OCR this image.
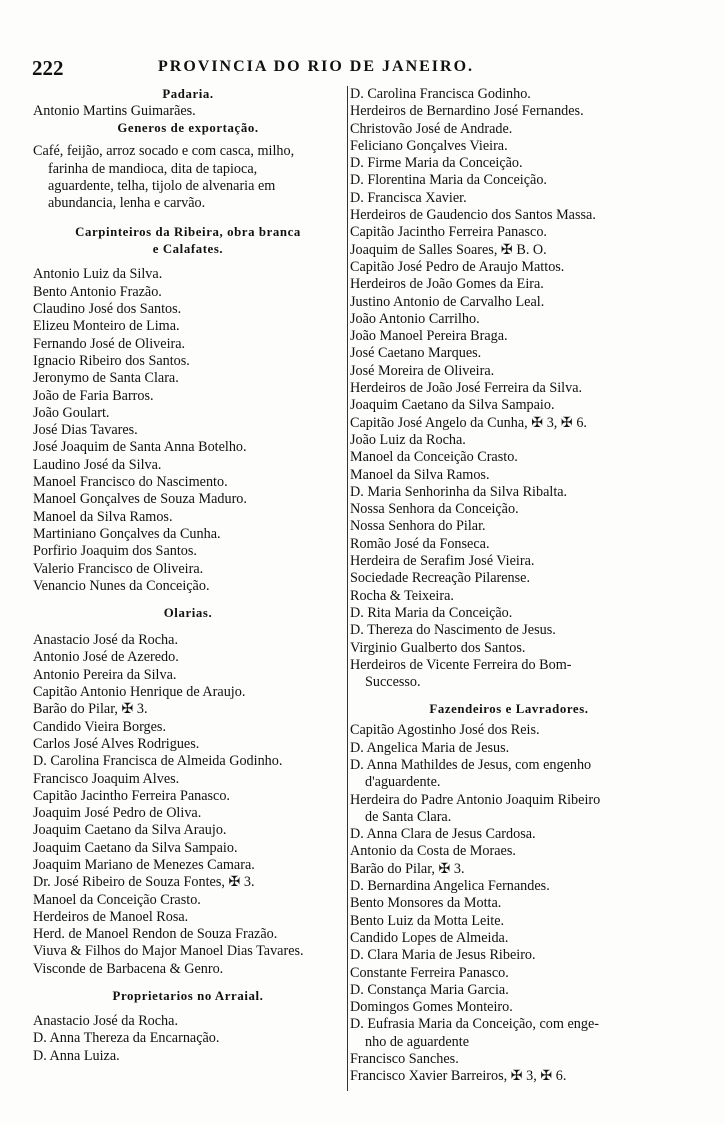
222	PROVINCIA DO RIO DE JANEIRO.
Padaria.
Antonio Martins Guimarães.
Generos de exportação.
Café, feijão, arroz socado e com casca, milho,
farinha de mandioca, dita de tapioca,
aguardente, telha, tijolo de alvenaria em
abundancia, lenha e carvão.
Carpinteiros da Ribeira, obra branca
e Calafates.
Antonio Luiz da Silva.
Bento Antonio Frazão.
Claudino José dos Santos.
Elizeu Monteiro de Lima.
Fernando José de Oliveira.
Ignacio Ribeiro dos Santos.
Jeronymo de Santa Clara.
João de Faria Barros.
João Goulart.
José Dias Tavares.
José Joaquim de Santa Anna Botelho.
Laudino José da Silva.
Manoel Francisco do Nascimento.
Manoel Gonçalves de Souza Maduro.
Manoel da Silva Ramos.
Martiniano Gonçalves da Cunha.
Porfirio Joaquim dos Santos.
Valerio Francisco de Oliveira.
Venancio Nunes da Conceição.
Olarias.
Anastacio José da Rocha.
Antonio José de Azeredo.
Antonio Pereira da Silva.
Capitão Antonio Henrique de Araujo.
Barão do Pilar, ✠ 3.
Candido Vieira Borges.
Carlos José Alves Rodrigues.
D. Carolina Francisca de Almeida Godinho.
Francisco Joaquim Alves.
Capitão Jacintho Ferreira Panasco.
Joaquim José Pedro de Oliva.
Joaquim Caetano da Silva Araujo.
Joaquim Caetano da Silva Sampaio.
Joaquim Mariano de Menezes Camara.
Dr. José Ribeiro de Souza Fontes, ✠ 3.
Manoel da Conceição Crasto.
Herdeiros de Manoel Rosa.
Herd. de Manoel Rendon de Souza Frazão.
Viuva & Filhos do Major Manoel Dias Tavares.
Visconde de Barbacena & Genro.
Proprietarios no Arraial.
Anastacio José da Rocha.
D. Anna Thereza da Encarnação.
D. Anna Luiza.
D. Carolina Francisca Godinho.
Herdeiros de Bernardino José Fernandes.
Christovão José de Andrade.
Feliciano Gonçalves Vieira.
D. Firme Maria da Conceição.
D. Florentina Maria da Conceição.
D. Francisca Xavier.
Herdeiros de Gaudencio dos Santos Massa.
Capitão Jacintho Ferreira Panasco.
Joaquim de Salles Soares, ✠ B. O.
Capitão José Pedro de Araujo Mattos.
Herdeiros de João Gomes da Eira.
Justino Antonio de Carvalho Leal.
João Antonio Carrilho.
João Manoel Pereira Braga.
José Caetano Marques.
José Moreira de Oliveira.
Herdeiros de João José Ferreira da Silva.
Joaquim Caetano da Silva Sampaio.
Capitão José Angelo da Cunha, ✠ 3, ✠ 6.
João Luiz da Rocha.
Manoel da Conceição Crasto.
Manoel da Silva Ramos.
D. Maria Senhorinha da Silva Ribalta.
Nossa Senhora da Conceição.
Nossa Senhora do Pilar.
Romão José da Fonseca.
Herdeira de Serafim José Vieira.
Sociedade Recreação Pilarense.
Rocha & Teixeira.
D. Rita Maria da Conceição.
D. Thereza do Nascimento de Jesus.
Virginio Gualberto dos Santos.
Herdeiros de Vicente Ferreira do Bom-
Successo.
Fazendeiros e Lavradores.
Capitão Agostinho José dos Reis.
D. Angelica Maria de Jesus.
D. Anna Mathildes de Jesus, com engenho
d'aguardente.
Herdeira do Padre Antonio Joaquim Ribeiro
de Santa Clara.
D. Anna Clara de Jesus Cardosa.
Antonio da Costa de Moraes.
Barão do Pilar, ✠ 3.
D. Bernardina Angelica Fernandes.
Bento Monsores da Motta.
Bento Luiz da Motta Leite.
Candido Lopes de Almeida.
D. Clara Maria de Jesus Ribeiro.
Constante Ferreira Panasco.
D. Constança Maria Garcia.
Domingos Gomes Monteiro.
D. Eufrasia Maria da Conceição, com enge-
nho de aguardente
Francisco Sanches.
Francisco Xavier Barreiros, ✠ 3, ✠ 6.
